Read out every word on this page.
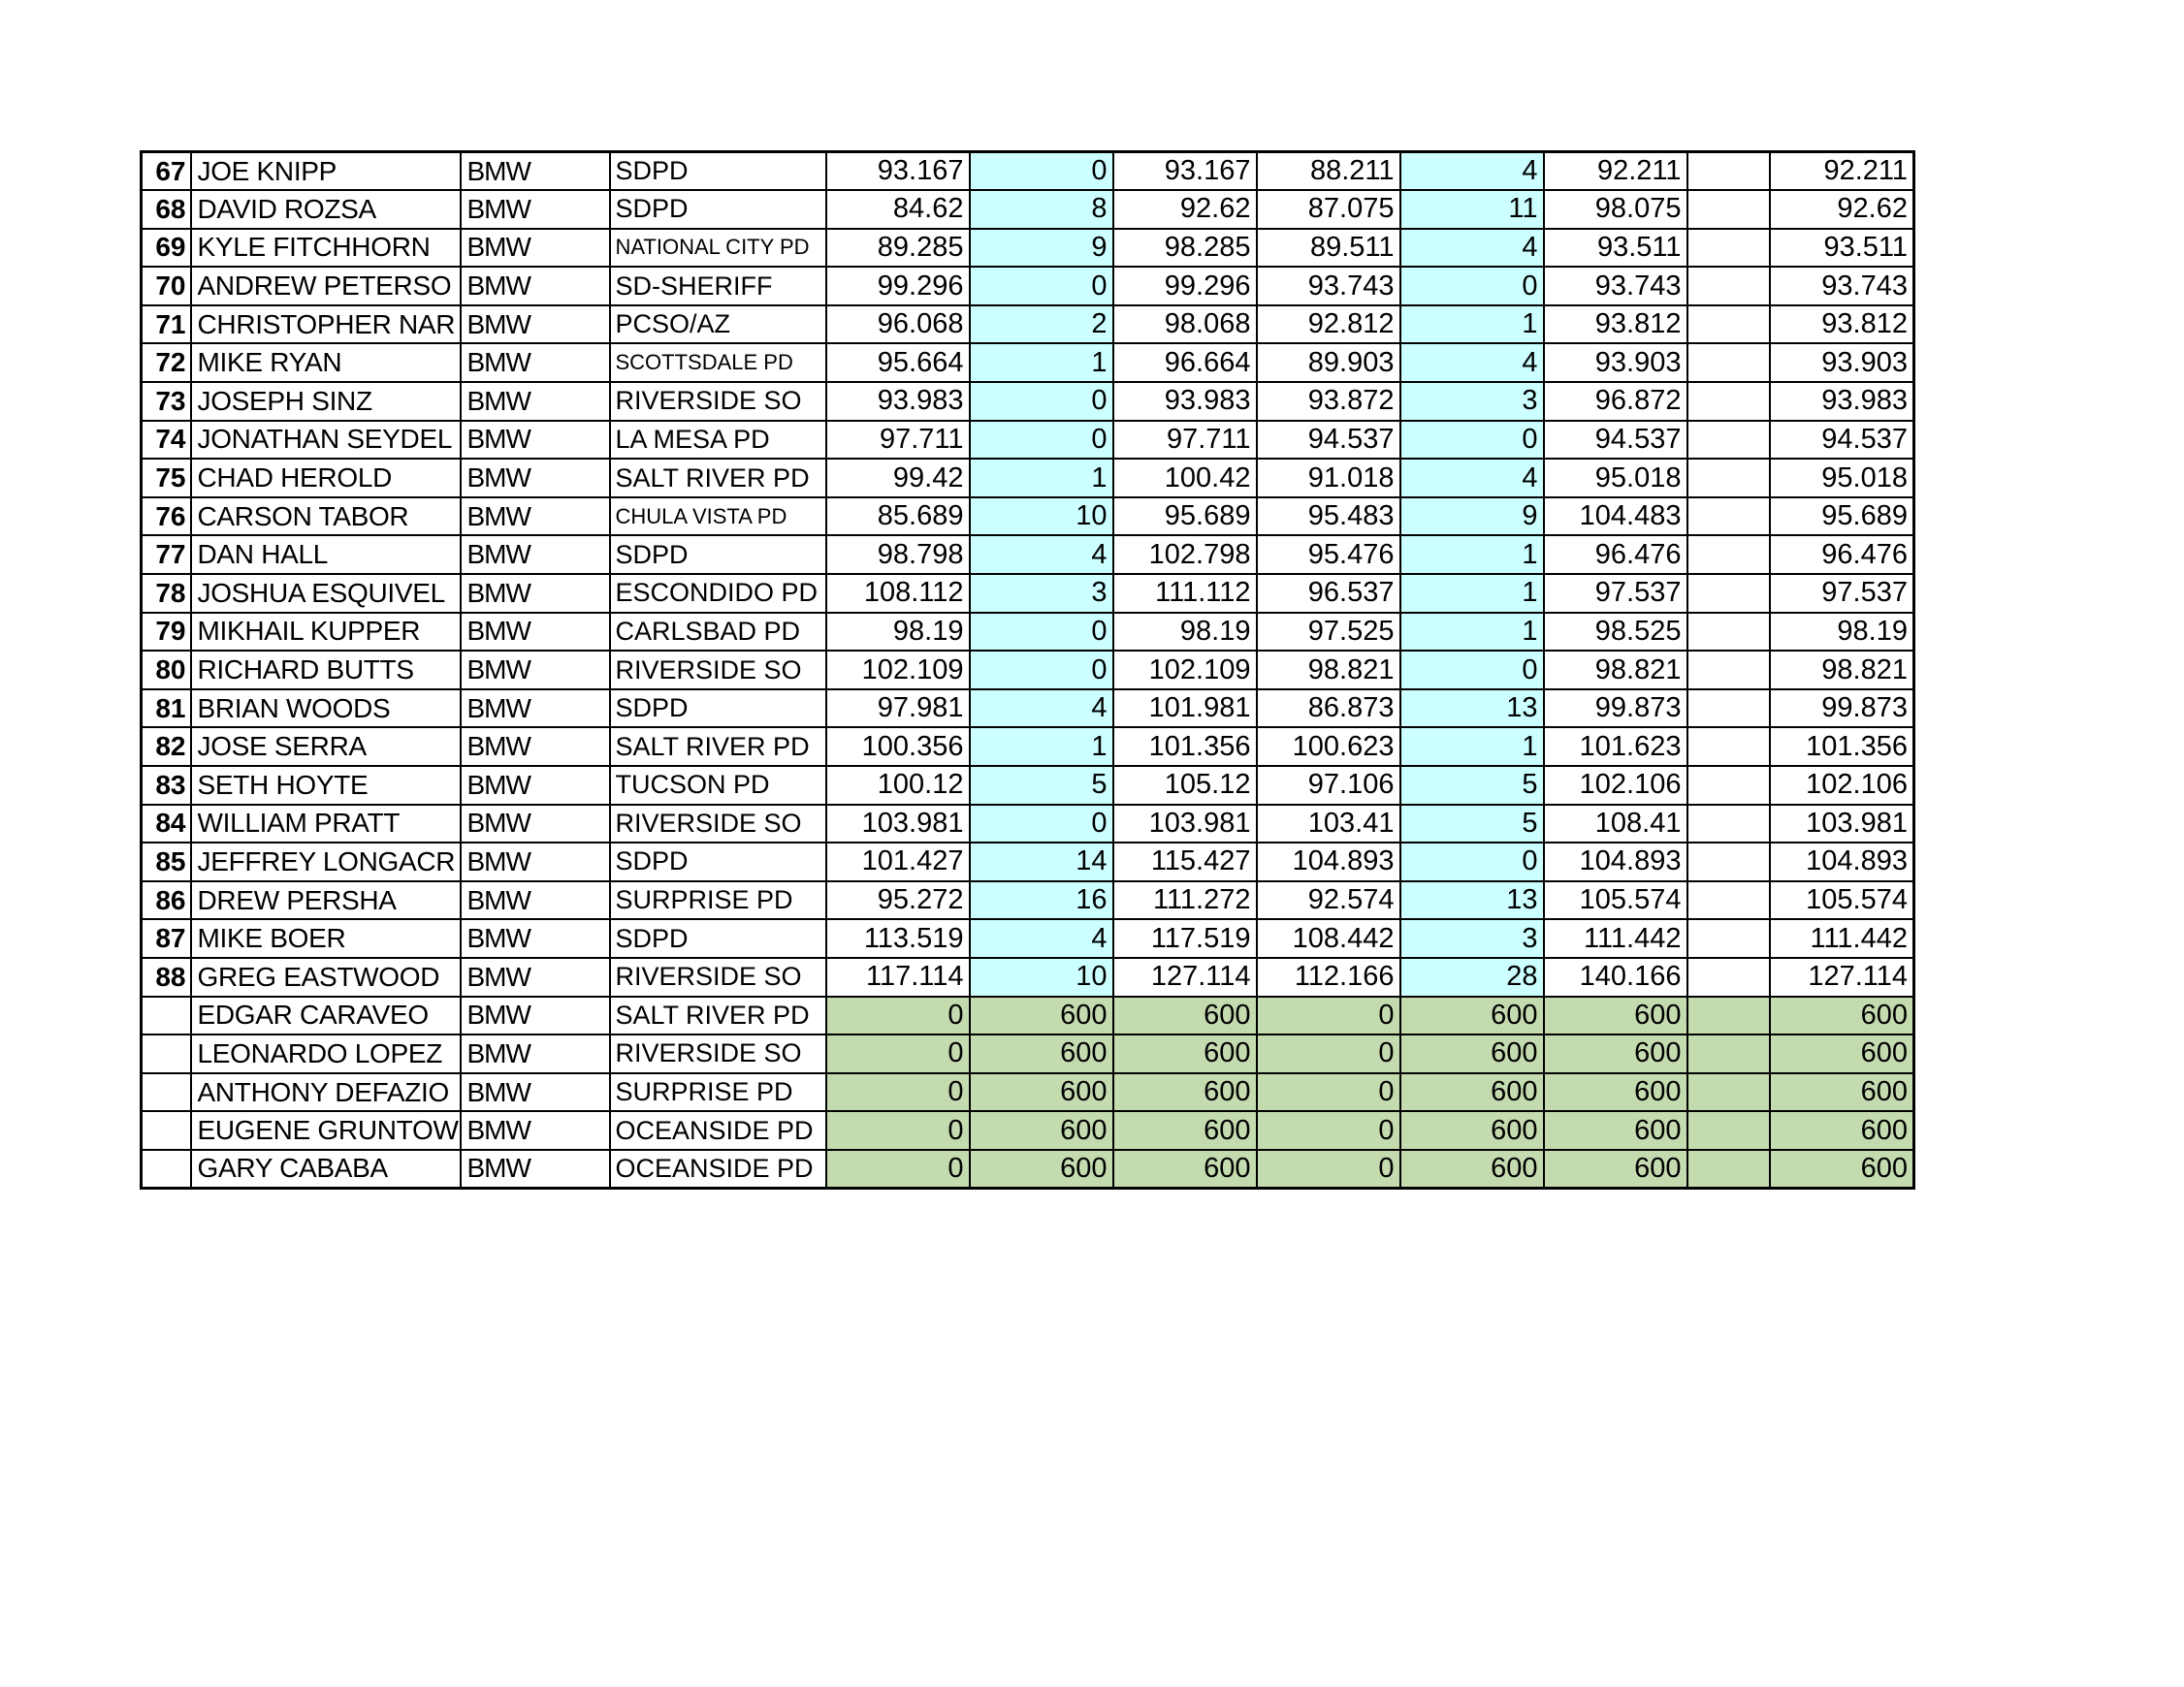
67	JOE KNIPP	BMW	SDPD	93.167	0	93.167	88.211	4	92.211		92.211
68	DAVID ROZSA	BMW	SDPD	84.62	8	92.62	87.075	11	98.075		92.62
69	KYLE FITCHHORN	BMW	NATIONAL CITY PD	89.285	9	98.285	89.511	4	93.511		93.511
70	ANDREW PETERSO	BMW	SD-SHERIFF	99.296	0	99.296	93.743	0	93.743		93.743
71	CHRISTOPHER NAR	BMW	PCSO/AZ	96.068	2	98.068	92.812	1	93.812		93.812
72	MIKE RYAN	BMW	SCOTTSDALE PD	95.664	1	96.664	89.903	4	93.903		93.903
73	JOSEPH SINZ	BMW	RIVERSIDE SO	93.983	0	93.983	93.872	3	96.872		93.983
74	JONATHAN SEYDEL	BMW	LA MESA PD	97.711	0	97.711	94.537	0	94.537		94.537
75	CHAD HEROLD	BMW	SALT RIVER PD	99.42	1	100.42	91.018	4	95.018		95.018
76	CARSON TABOR	BMW	CHULA VISTA PD	85.689	10	95.689	95.483	9	104.483		95.689
77	DAN HALL	BMW	SDPD	98.798	4	102.798	95.476	1	96.476		96.476
78	JOSHUA ESQUIVEL	BMW	ESCONDIDO PD	108.112	3	111.112	96.537	1	97.537		97.537
79	MIKHAIL KUPPER	BMW	CARLSBAD PD	98.19	0	98.19	97.525	1	98.525		98.19
80	RICHARD BUTTS	BMW	RIVERSIDE SO	102.109	0	102.109	98.821	0	98.821		98.821
81	BRIAN WOODS	BMW	SDPD	97.981	4	101.981	86.873	13	99.873		99.873
82	JOSE SERRA	BMW	SALT RIVER PD	100.356	1	101.356	100.623	1	101.623		101.356
83	SETH HOYTE	BMW	TUCSON PD	100.12	5	105.12	97.106	5	102.106		102.106
84	WILLIAM PRATT	BMW	RIVERSIDE SO	103.981	0	103.981	103.41	5	108.41		103.981
85	JEFFREY LONGACR	BMW	SDPD	101.427	14	115.427	104.893	0	104.893		104.893
86	DREW PERSHA	BMW	SURPRISE PD	95.272	16	111.272	92.574	13	105.574		105.574
87	MIKE BOER	BMW	SDPD	113.519	4	117.519	108.442	3	111.442		111.442
88	GREG EASTWOOD	BMW	RIVERSIDE SO	117.114	10	127.114	112.166	28	140.166		127.114
	EDGAR CARAVEO	BMW	SALT RIVER PD	0	600	600	0	600	600		600
	LEONARDO LOPEZ	BMW	RIVERSIDE SO	0	600	600	0	600	600		600
	ANTHONY DEFAZIO	BMW	SURPRISE PD	0	600	600	0	600	600		600
	EUGENE GRUNTOW	BMW	OCEANSIDE PD	0	600	600	0	600	600		600
	GARY CABABA	BMW	OCEANSIDE PD	0	600	600	0	600	600		600
